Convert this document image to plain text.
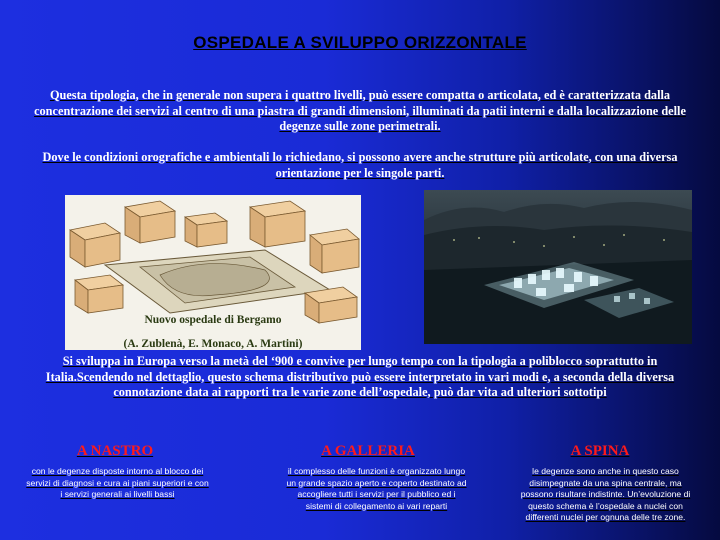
OSPEDALE A SVILUPPO ORIZZONTALE
Questa tipologia, che in generale non supera i quattro livelli, può essere compatta o articolata, ed è caratterizzata dalla concentrazione dei servizi al centro di una piastra di grandi dimensioni, illuminati da patii interni e dalla localizzazione delle degenze sulle zone perimetrali.
Dove le condizioni orografiche e ambientali lo richiedano, si possono avere anche strutture più articolate, con una diversa orientazione per le singole parti.
Nuovo ospedale di Bergamo
(A. Zublenà, E. Monaco, A. Martini)
Si sviluppa in Europa verso la metà del ‘900 e convive per lungo tempo con la tipologia a poliblocco soprattutto in Italia.Scendendo nel dettaglio, questo schema distributivo può essere interpretato in vari modi e, a seconda della diversa connotazione data ai rapporti tra le varie zone dell’ospedale, può dar vita ad ulteriori sottotipi
A NASTRO	A GALLERIA	A SPINA
con le degenze disposte intorno al blocco dei servizi di diagnosi e cura ai piani superiori e con i servizi generali ai livelli bassi
il complesso delle funzioni è organizzato lungo un grande spazio aperto e coperto destinato ad accogliere tutti i servizi per il pubblico ed i sistemi di collegamento ai vari reparti
le degenze sono anche in questo caso disimpegnate da una spina centrale, ma possono risultare indistinte. Un’evoluzione di questo schema è l’ospedale a nuclei con differenti nuclei per ognuna delle tre zone.
